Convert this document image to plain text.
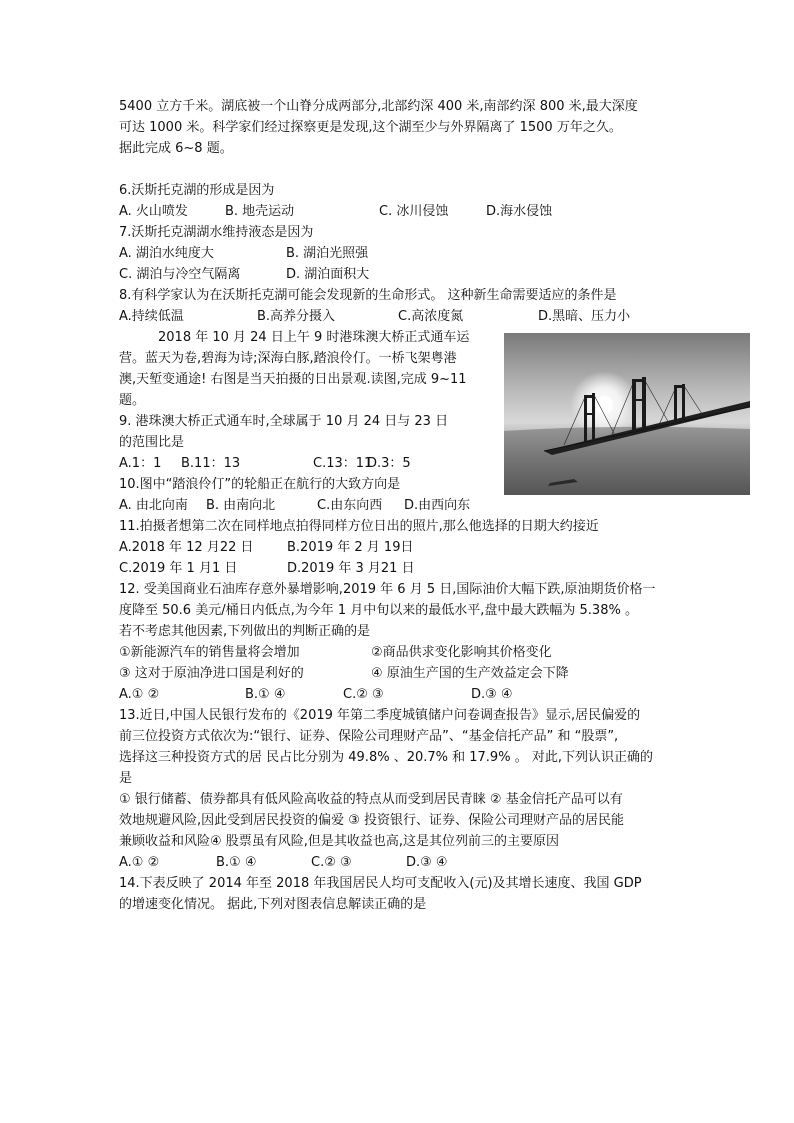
5400 立方千米。湖底被一个山脊分成两部分,北部约深 400 米,南部约深 800 米,最大深度
可达 1000 米。科学家们经过探察更是发现,这个湖至少与外界隔离了 1500 万年之久。
据此完成 6~8 题。
6.沃斯托克湖的形成是因为
A. 火山喷发	B. 地壳运动	C. 冰川侵蚀	D.海水侵蚀
7.沃斯托克湖湖水维持液态是因为
A. 湖泊水纯度大	B. 湖泊光照强
C. 湖泊与冷空气隔离	D. 湖泊面积大
8.有科学家认为在沃斯托克湖可能会发现新的生命形式。 这种新生命需要适应的条件是
A.持续低温	B.高养分摄入	C.高浓度氮	D.黑暗、压力小
2018 年 10 月 24 日上午 9 时港珠澳大桥正式通车运
营。蓝天为卷,碧海为诗;深海白豚,踏浪伶仃。一桥飞架粤港
澳,天堑变通途! 右图是当天拍摄的日出景观.读图,完成 9~11
题。
9. 港珠澳大桥正式通车时,全球属于 10 月 24 日与 23 日
的范围比是
A.1：1 B.11：13	C.13：11
D.3：5
10.图中“踏浪伶仃”的轮船正在航行的大致方向是
A. 由北向南 B. 由南向北	C.由东向西 D.由西向东
11.拍摄者想第二次在同样地点拍得同样方位日出的照片,那么他选择的日期大约接近
A.2018 年 12 月22 日	B.2019 年 2 月 19日
C.2019 年 1 月1 日	D.2019 年 3 月21 日
12. 受美国商业石油库存意外暴增影响,2019 年 6 月 5 日,国际油价大幅下跌,原油期货价格一
度降至 50.6 美元/桶日内低点,为今年 1 月中旬以来的最低水平,盘中最大跌幅为 5.38% 。
若不考虑其他因素,下列做出的判断正确的是
①新能源汽车的销售量将会增加	②商品供求变化影响其价格变化
③ 这对于原油净进口国是利好的	④ 原油生产国的生产效益定会下降
A.① ②	B.① ④	C.② ③	D.③ ④
13.近日,中国人民银行发布的《2019 年第二季度城镇储户问卷调查报告》显示,居民偏爱的
前三位投资方式依次为:“银行、证券、保险公司理财产品”、“基金信托产品” 和 “股票”,
选择这三种投资方式的居 民占比分别为 49.8% 、20.7% 和 17.9% 。 对此,下列认识正确的
是
① 银行储蓄、债券都具有低风险高收益的特点从而受到居民青睐 ② 基金信托产品可以有
效地规避风险,因此受到居民投资的偏爱 ③ 投资银行、证券、保险公司理财产品的居民能
兼顾收益和风险④ 股票虽有风险,但是其收益也高,这是其位列前三的主要原因
A.① ②	B.① ④	C.② ③	D.③ ④
14.下表反映了 2014 年至 2018 年我国居民人均可支配收入(元)及其增长速度、我国 GDP
的增速变化情况。 据此,下列对图表信息解读正确的是
